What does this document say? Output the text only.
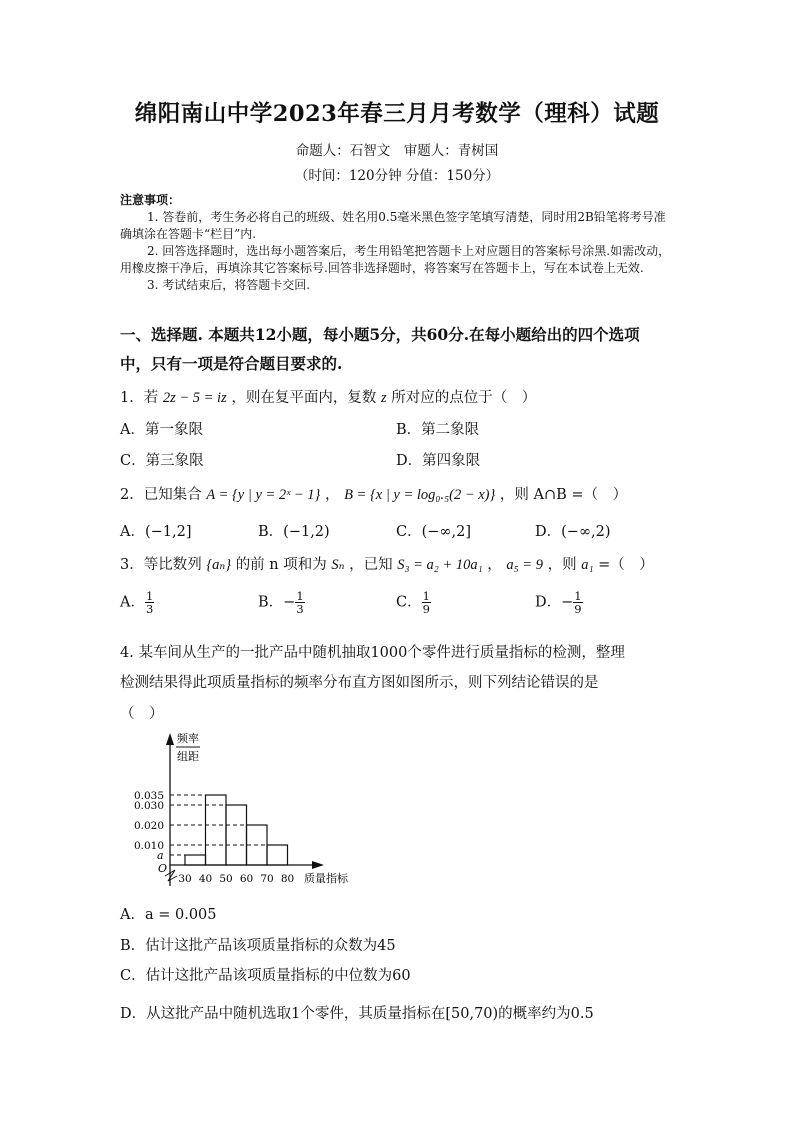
绵阳南山中学2023年春三月月考数学（理科）试题
命题人：石智文　审题人：青树国
（时间：120分钟 分值：150分）
注意事项：

1. 答卷前，考生务必将自己的班级、姓名用0.5毫米黑色签字笔填写清楚，同时用2B铅笔将考号准确填涂在答题卡“栏目”内.

2. 回答选择题时，选出每小题答案后，考生用铅笔把答题卡上对应题目的答案标号涂黑.如需改动，用橡皮擦干净后，再填涂其它答案标号.回答非选择题时，将答案写在答题卡上，写在本试卷上无效.

3. 考试结束后，将答题卡交回.

一、选择题. 本题共12小题，每小题5分，共60分.在每小题给出的四个选项
中，只有一项是符合题目要求的.
1．若 2z − 5 = iz ，则在复平面内，复数 z 所对应的点位于（　）
A．第一象限	B．第二象限
C．第三象限	D．第四象限
2．已知集合 A = {y | y = 2ˣ − 1} ， B = {x | y = log₀.₅(2 − x)} ，则 A∩B =（　）
A．(−1,2]	B．(−1,2)	C．(−∞,2]	D．(−∞,2)
3．等比数列 {aₙ} 的前 n 项和为 Sₙ ，已知 S₃ = a₂ + 10a₁ ， a₅ = 9 ，则 a₁ =（　）
A． $\frac{1}{3}$	B．− $\frac{1}{3}$	C． $\frac{1}{9}$	D．− $\frac{1}{9}$
4. 某车间从生产的一批产品中随机抽取1000个零件进行质量指标的检测，整理
检测结果得此项质量指标的频率分布直方图如图所示，则下列结论错误的是
（　）
频率
组距
O
a
质量指标
0.035
0.030
0.020
0.010
30 40 50 60 70 80
A．a = 0.005
B．估计这批产品该项质量指标的众数为45
C．估计这批产品该项质量指标的中位数为60
D．从这批产品中随机选取1个零件，其质量指标在[50,70)的概率约为0.5
